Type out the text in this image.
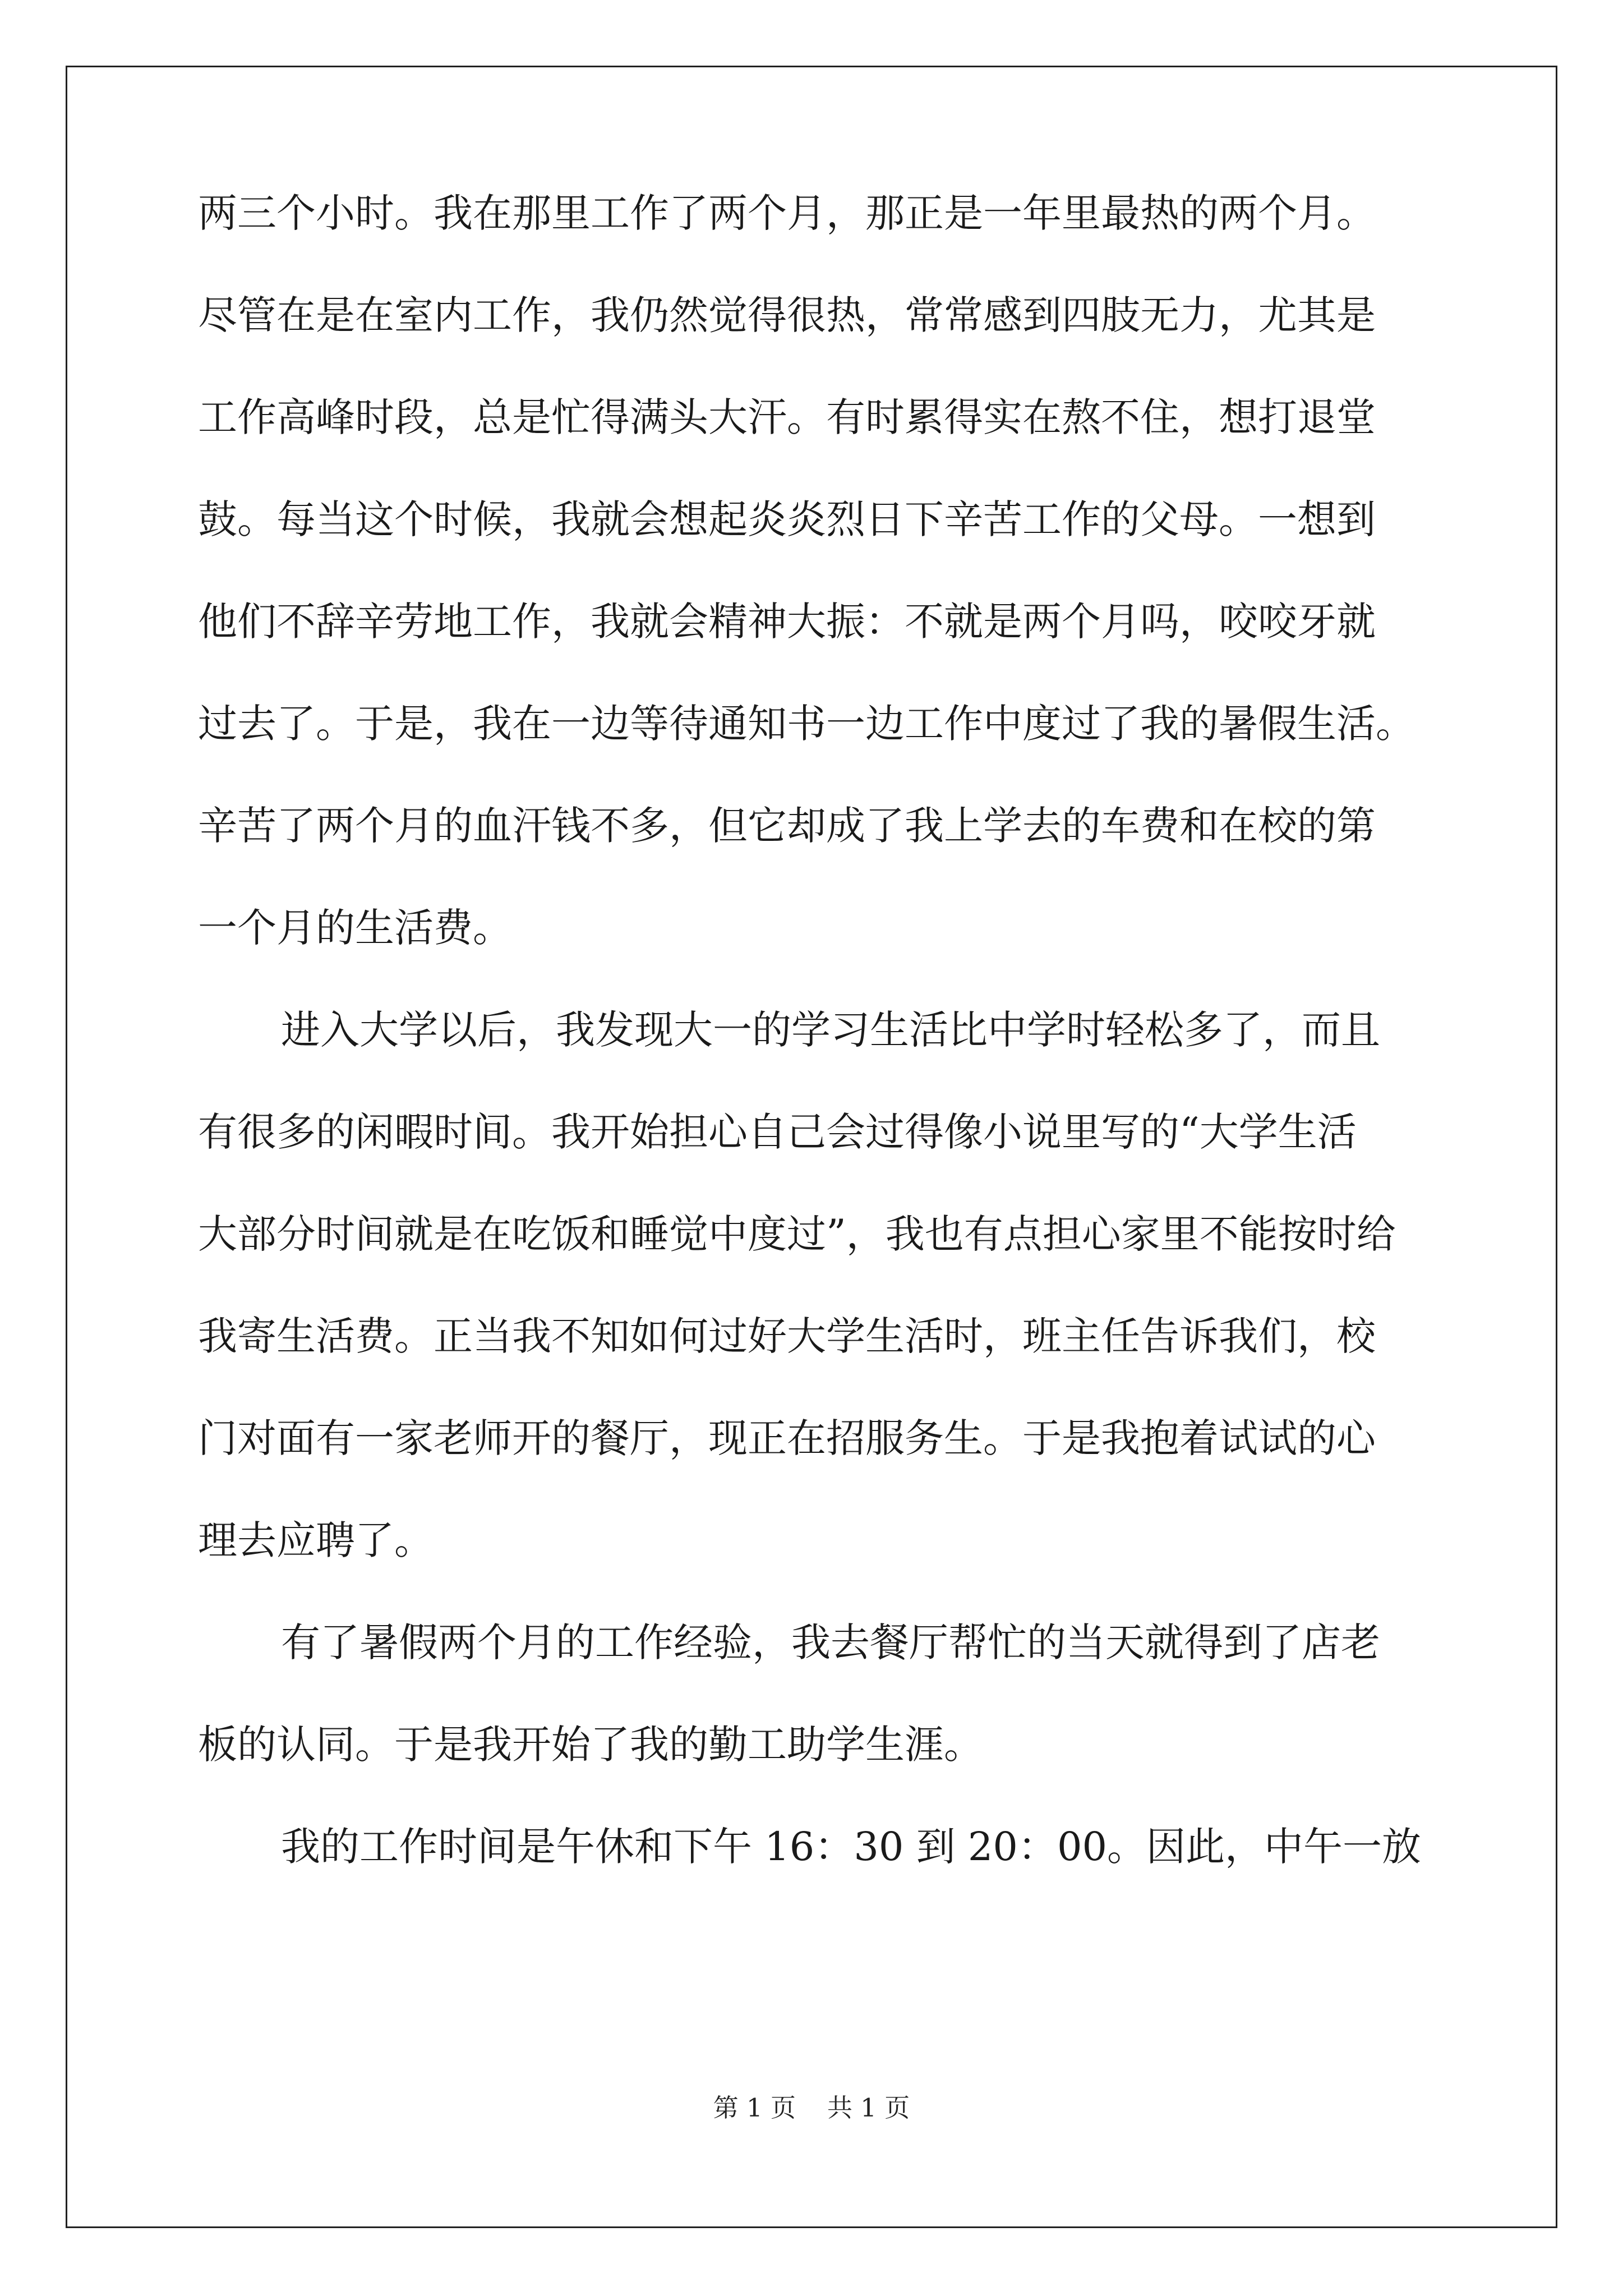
两三个小时。我在那里工作了两个月，那正是一年里最热的两个月。
尽管在是在室内工作，我仍然觉得很热，常常感到四肢无力，尤其是
工作高峰时段，总是忙得满头大汗。有时累得实在熬不住，想打退堂
鼓。每当这个时候，我就会想起炎炎烈日下辛苦工作的父母。一想到
他们不辞辛劳地工作，我就会精神大振：不就是两个月吗，咬咬牙就
过去了。于是，我在一边等待通知书一边工作中度过了我的暑假生活。
辛苦了两个月的血汗钱不多，但它却成了我上学去的车费和在校的第
一个月的生活费。
进入大学以后，我发现大一的学习生活比中学时轻松多了，而且
有很多的闲暇时间。我开始担心自己会过得像小说里写的“大学生活
大部分时间就是在吃饭和睡觉中度过”，我也有点担心家里不能按时给
我寄生活费。正当我不知如何过好大学生活时，班主任告诉我们，校
门对面有一家老师开的餐厅，现正在招服务生。于是我抱着试试的心
理去应聘了。
有了暑假两个月的工作经验，我去餐厅帮忙的当天就得到了店老
板的认同。于是我开始了我的勤工助学生涯。
我的工作时间是午休和下午 16：30 到 20：00。因此，中午一放
第 1 页 共 1 页
